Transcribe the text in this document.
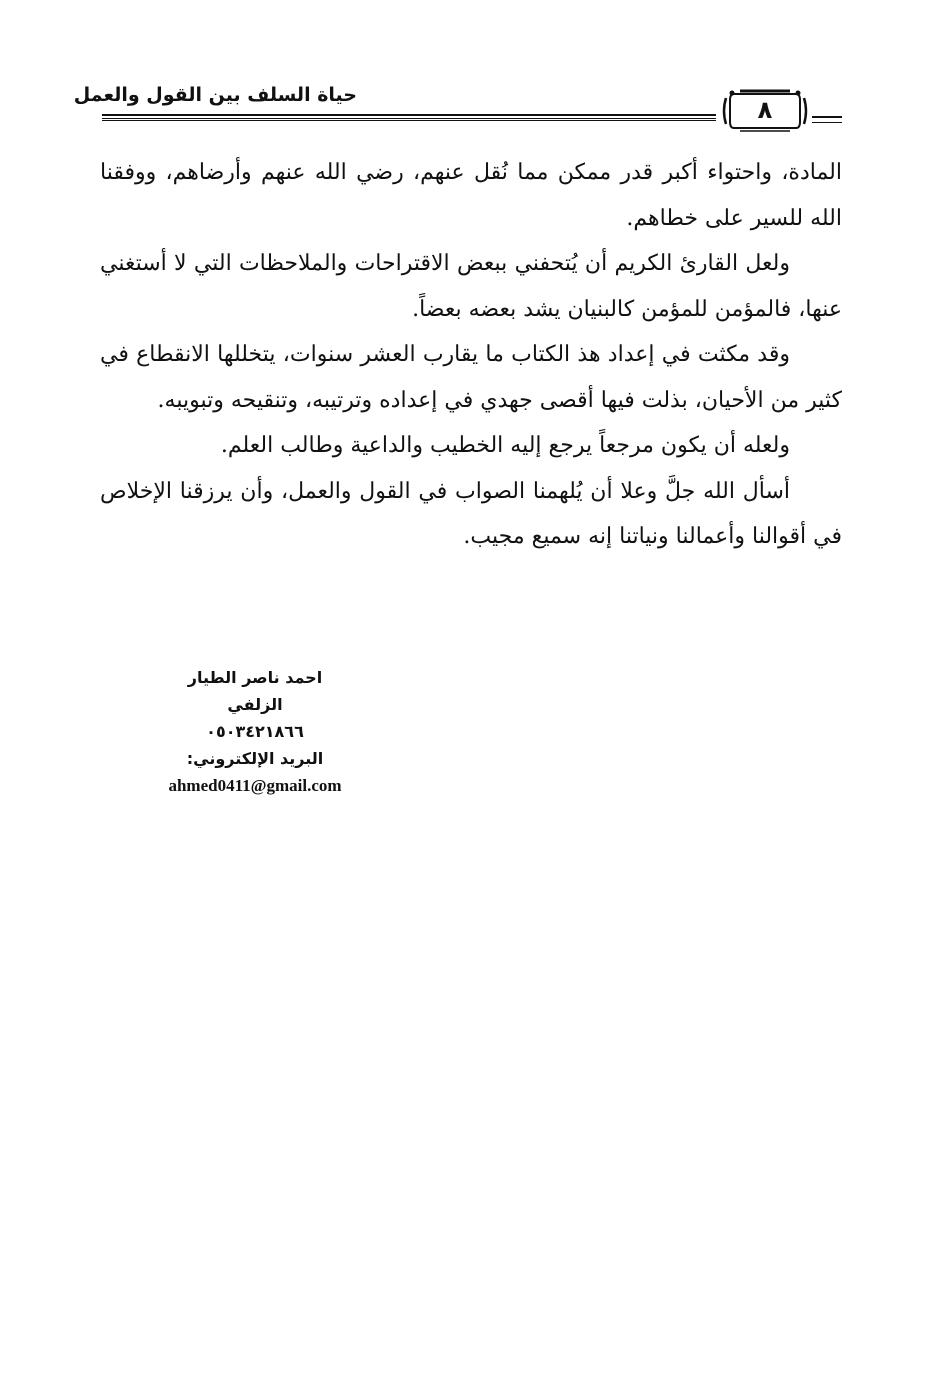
حياة السلف بين القول والعمل
٨

المادة، واحتواء أكبر قدر ممكن مما نُقل عنهم، رضي الله عنهم وأرضاهم، ووفقنا الله للسير على خطاهم.

ولعل القارئ الكريم أن يُتحفني ببعض الاقتراحات والملاحظات التي لا أستغني عنها، فالمؤمن للمؤمن كالبنيان يشد بعضه بعضاً.

وقد مكثت في إعداد هذ الكتاب ما يقارب العشر سنوات، يتخللها الانقطاع في كثير من الأحيان، بذلت فيها أقصى جهدي في إعداده وترتيبه، وتنقيحه وتبويبه.

ولعله أن يكون مرجعاً يرجع إليه الخطيب والداعية وطالب العلم.

أسأل الله جلَّ وعلا أن يُلهمنا الصواب في القول والعمل، وأن يرزقنا الإخلاص في أقوالنا وأعمالنا ونياتنا إنه سميع مجيب.

احمد ناصر الطيار
الزلفي
٠٥٠٣٤٢١٨٦٦
البريد الإلكتروني:
ahmed0411@gmail.com
